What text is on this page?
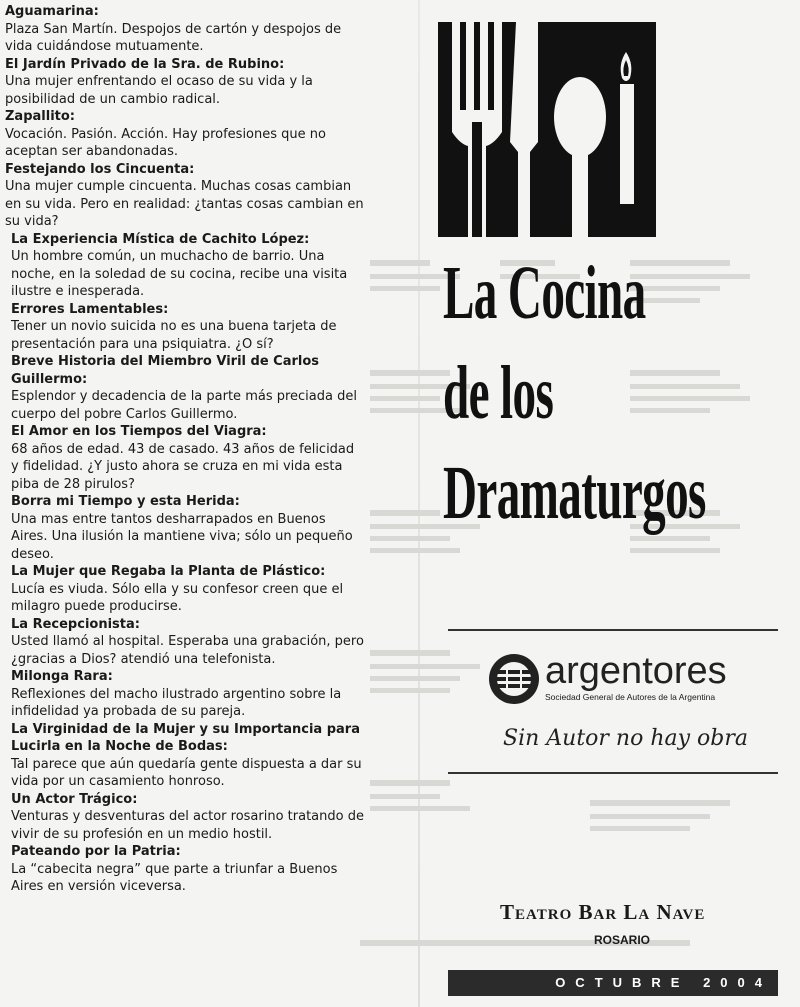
Aguamarina:
Plaza San Martín. Despojos de cartón y despojos de vida cuidándose mutuamente.
El Jardín Privado de la Sra. de Rubino:
Una mujer enfrentando el ocaso de su vida y la posibilidad de un cambio radical.
Zapallito:
Vocación. Pasión. Acción. Hay profesiones que no aceptan ser abandonadas.
Festejando los Cincuenta:
Una mujer cumple cincuenta. Muchas cosas cambian en su vida. Pero en realidad: ¿tantas cosas cambian en su vida?
La Experiencia Mística de Cachito López:
Un hombre común, un muchacho de barrio. Una noche, en la soledad de su cocina, recibe una visita ilustre e inesperada.
Errores Lamentables:
Tener un novio suicida no es una buena tarjeta de presentación para una psiquiatra. ¿O sí?
Breve Historia del Miembro Viril de Carlos Guillermo:
Esplendor y decadencia de la parte más preciada del cuerpo del pobre Carlos Guillermo.
El Amor en los Tiempos del Viagra:
68 años de edad. 43 de casado. 43 años de felicidad y fidelidad. ¿Y justo ahora se cruza en mi vida esta piba de 28 pirulos?
Borra mi Tiempo y esta Herida:
Una mas entre tantos desharrapados en Buenos Aires. Una ilusión la mantiene viva; sólo un pequeño deseo.
La Mujer que Regaba la Planta de Plástico:
Lucía es viuda. Sólo ella y su confesor creen que el milagro puede producirse.
La Recepcionista:
Usted llamó al hospital. Esperaba una grabación, pero ¿gracias a Dios? atendió una telefonista.
Milonga Rara:
Reflexiones del macho ilustrado argentino sobre la infidelidad ya probada de su pareja.
La Virginidad de la Mujer y su Importancia para Lucirla en la Noche de Bodas:
Tal parece que aún quedaría gente dispuesta a dar su vida por un casamiento honroso.
Un Actor Trágico:
Venturas y desventuras del actor rosarino tratando de vivir de su profesión en un medio hostil.
Pateando por la Patria:
La “cabecita negra” que parte a triunfar a Buenos Aires en versión viceversa.
La Cocina
de los
Dramaturgos
argentores
Sociedad General de Autores de la Argentina
Sin Autor no hay obra
Teatro Bar La Nave
ROSARIO
OCTUBRE 2004
